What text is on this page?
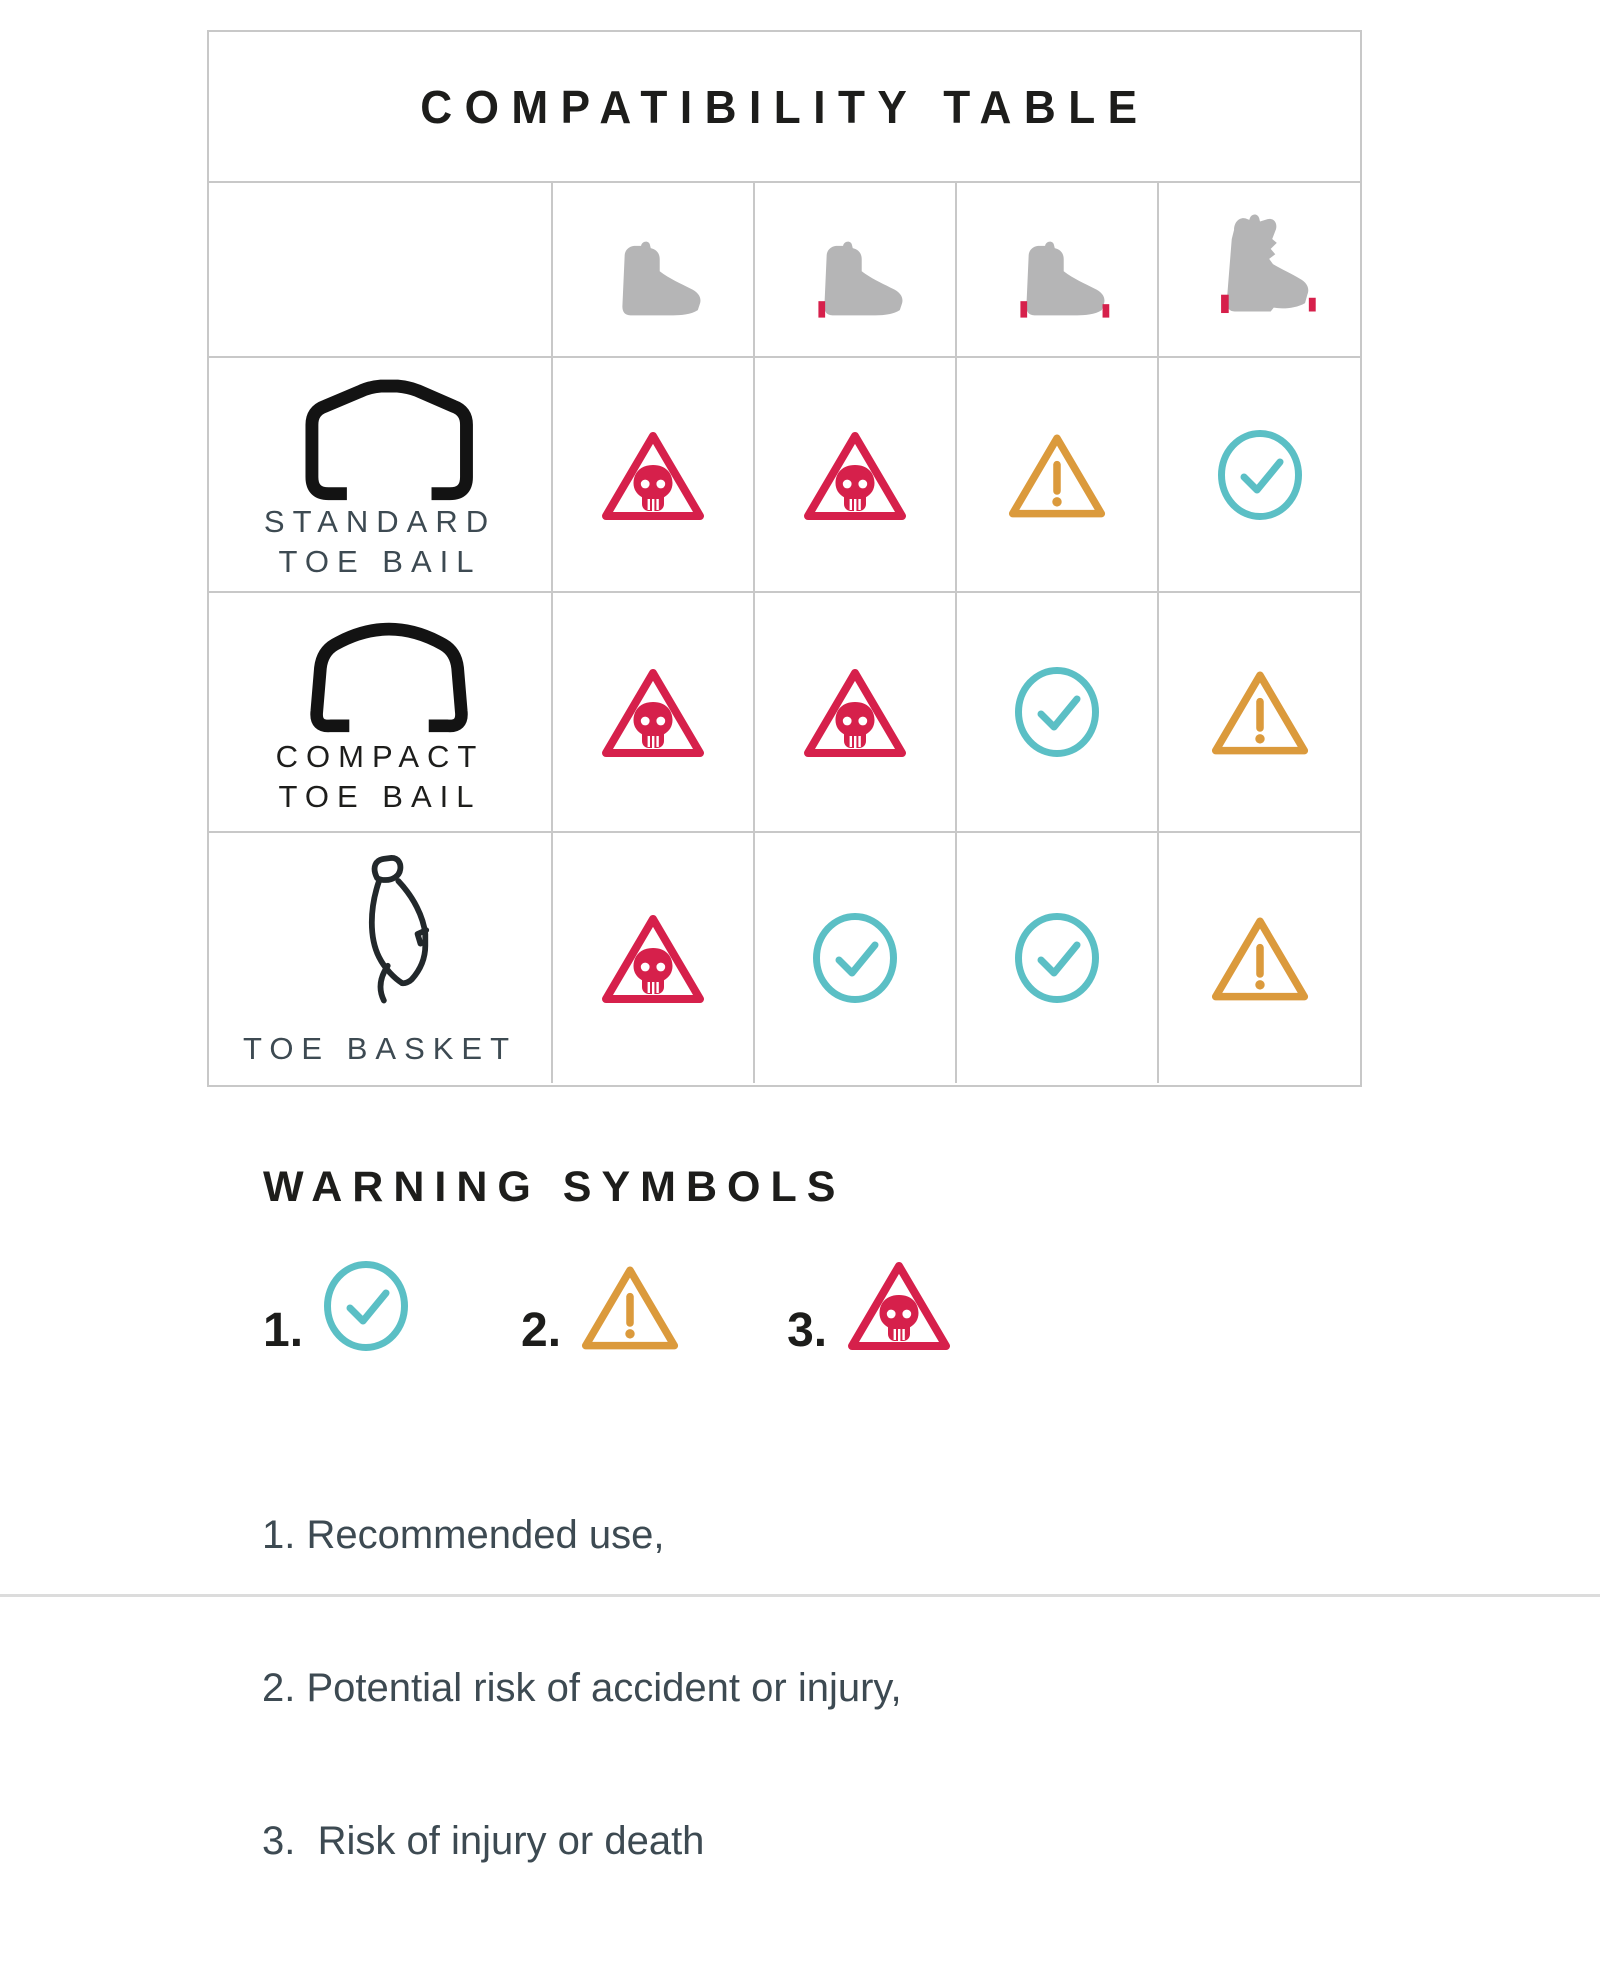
COMPATIBILITY TABLE
STANDARD
TOE BAIL
COMPACT
TOE BAIL
TOE BASKET
WARNING SYMBOLS
1.	2.	3.

1. Recommended use,

2. Potential risk of accident or injury,

3.  Risk of injury or death
